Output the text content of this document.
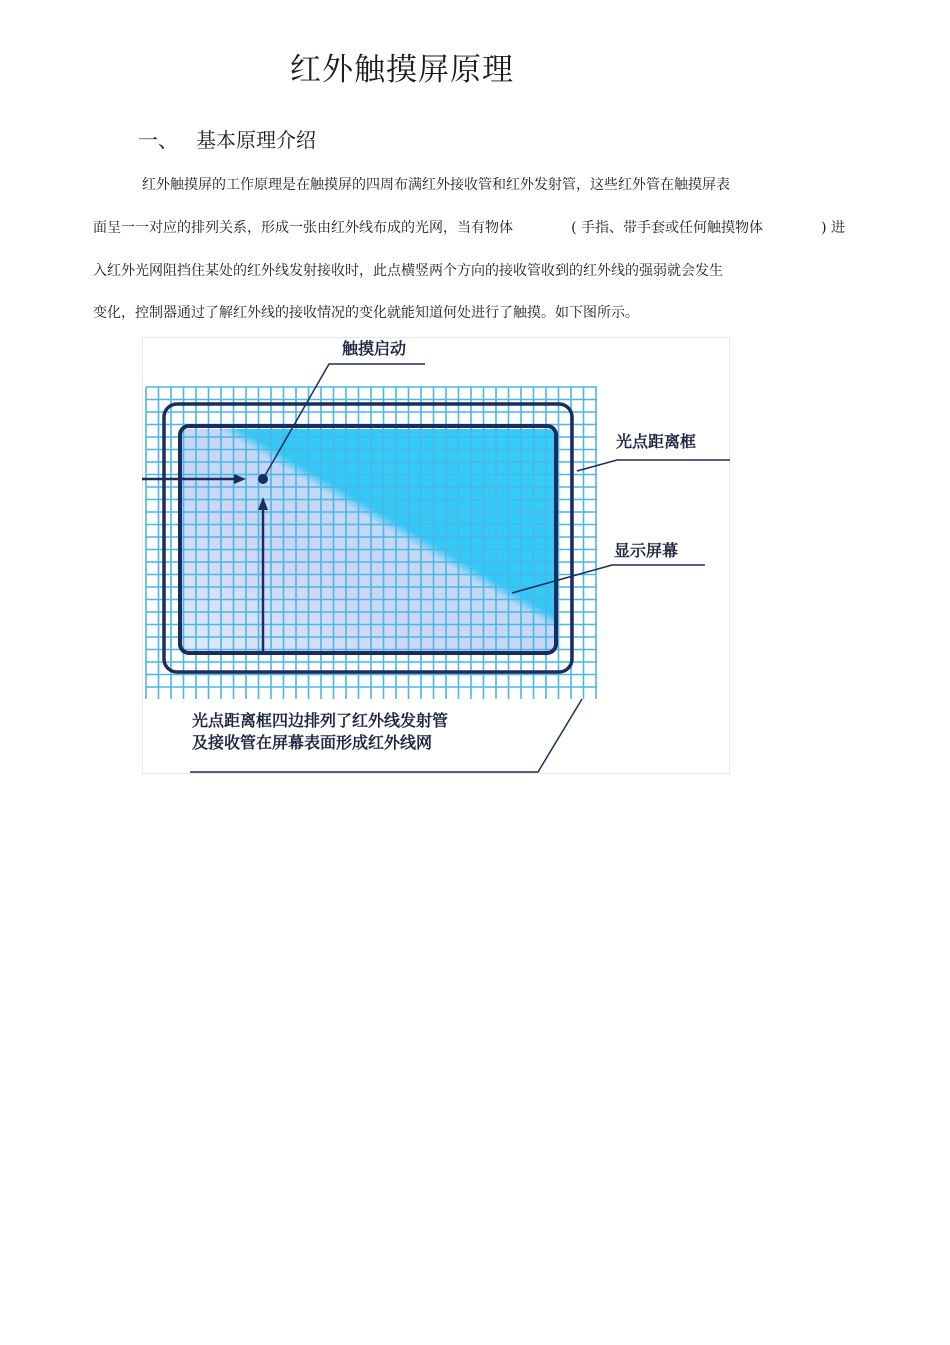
红外触摸屏原理
一、 基本原理介绍
红外触摸屏的工作原理是在触摸屏的四周布满红外接收管和红外发射管，这些红外管在触摸屏表
面呈一一对应的排列关系，形成一张由红外线布成的光网，当有物体	( 手指、带手套或任何触摸物体	) 进
入红外光网阻挡住某处的红外线发射接收时，此点横竖两个方向的接收管收到的红外线的强弱就会发生
变化，控制器通过了解红外线的接收情况的变化就能知道何处进行了触摸。如下图所示。
触摸启动
光点距离框
显示屏幕
光点距离框四边排列了红外线发射管
及接收管在屏幕表面形成红外线网
